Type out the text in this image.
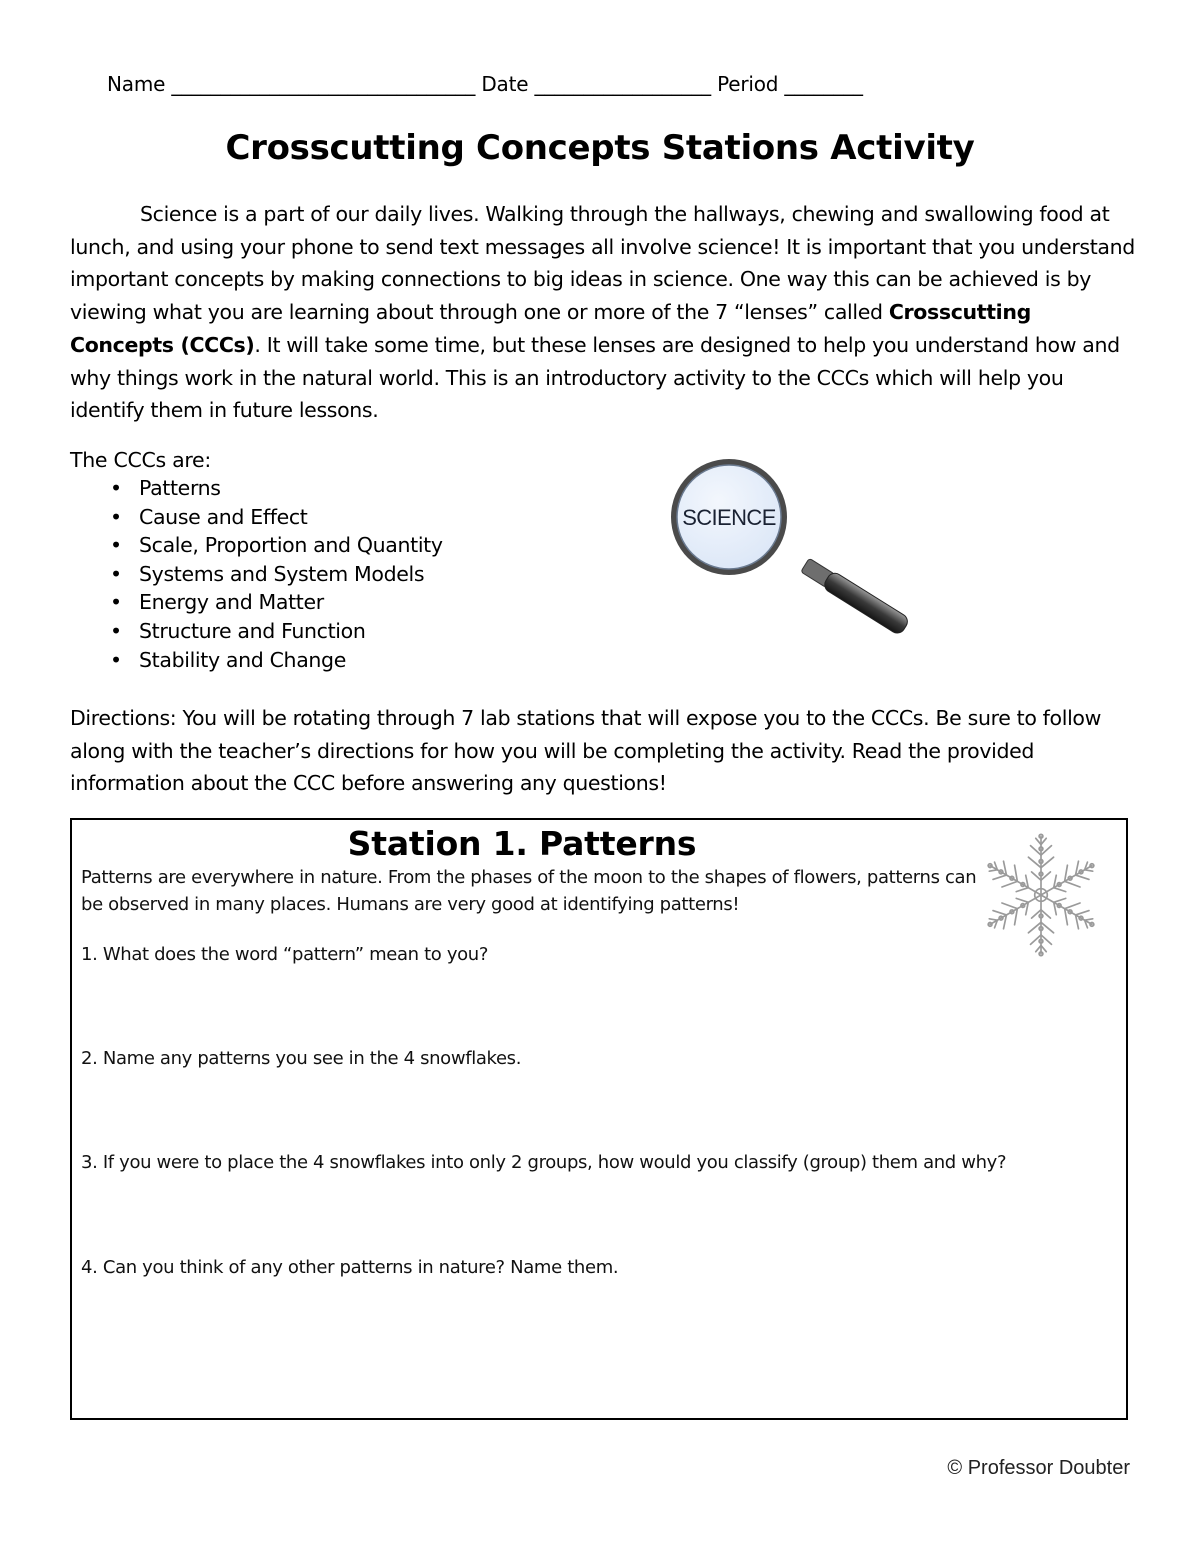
Name _______________________________ Date __________________ Period ________
Crosscutting Concepts Stations Activity

Science is a part of our daily lives. Walking through the hallways, chewing and swallowing food at lunch, and using your phone to send text messages all involve science! It is important that you understand important concepts by making connections to big ideas in science. One way this can be achieved is by viewing what you are learning about through one or more of the 7 “lenses” called Crosscutting Concepts (CCCs). It will take some time, but these lenses are designed to help you understand how and why things work in the natural world. This is an introductory activity to the CCCs which will help you identify them in future lessons.

The CCCs are:
• Patterns
• Cause and Effect
• Scale, Proportion and Quantity
• Systems and System Models
• Energy and Matter
• Structure and Function
• Stability and Change
SCIENCE

Directions: You will be rotating through 7 lab stations that will expose you to the CCCs. Be sure to follow along with the teacher’s directions for how you will be completing the activity. Read the provided information about the CCC before answering any questions!

Station 1. Patterns

Patterns are everywhere in nature. From the phases of the moon to the shapes of flowers, patterns can be observed in many places. Humans are very good at identifying patterns!

1. What does the word “pattern” mean to you?
2. Name any patterns you see in the 4 snowflakes.
3. If you were to place the 4 snowflakes into only 2 groups, how would you classify (group) them and why?
4. Can you think of any other patterns in nature? Name them.
© Professor Doubter
